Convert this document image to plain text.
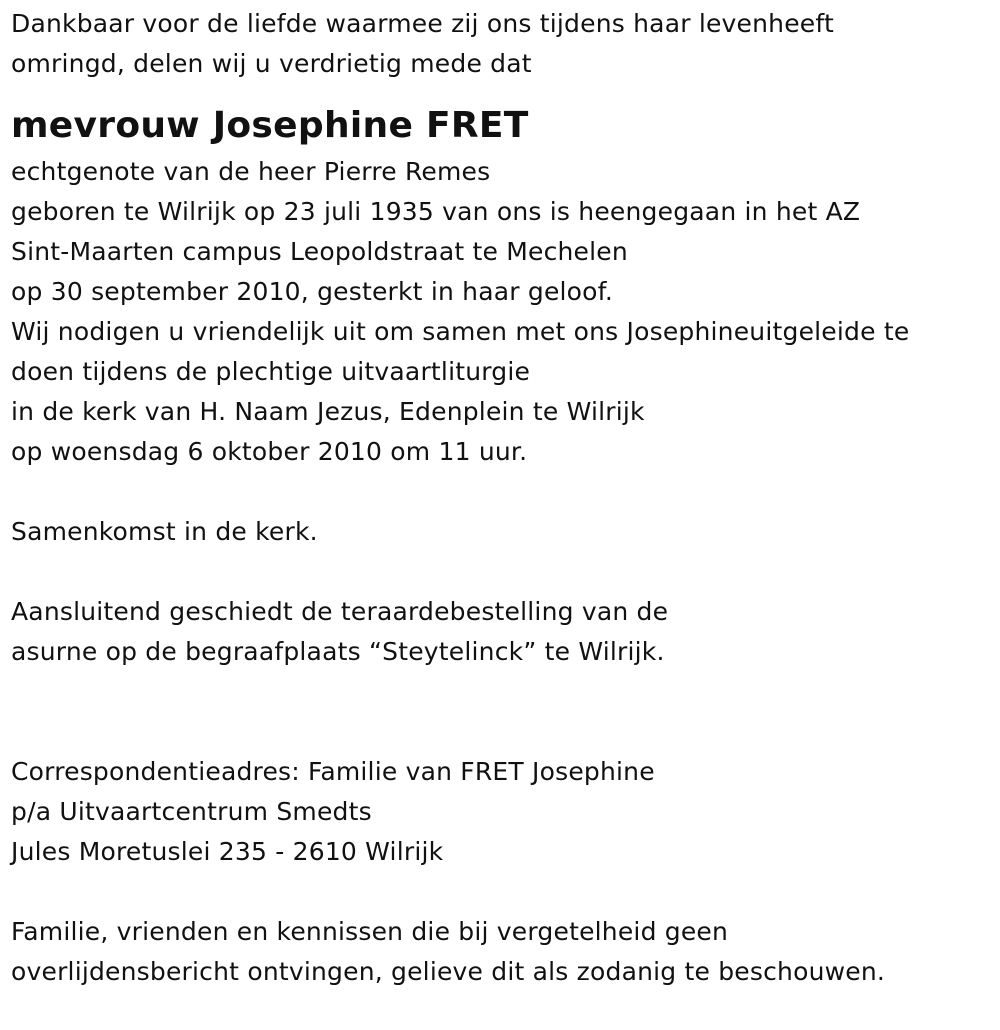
Dankbaar voor de liefde waarmee zij ons tijdens haar levenheeft
omringd, delen wij u verdrietig mede dat
mevrouw Josephine FRET
echtgenote van de heer Pierre Remes
geboren te Wilrijk op 23 juli 1935 van ons is heengegaan in het AZ
Sint-Maarten campus Leopoldstraat te Mechelen
op 30 september 2010, gesterkt in haar geloof.
Wij nodigen u vriendelijk uit om samen met ons Josephineuitgeleide te
doen tijdens de plechtige uitvaartliturgie
in de kerk van H. Naam Jezus, Edenplein te Wilrijk
op woensdag 6 oktober 2010 om 11 uur.
Samenkomst in de kerk.
Aansluitend geschiedt de teraardebestelling van de
asurne op de begraafplaats “Steytelinck” te Wilrijk.
Correspondentieadres: Familie van FRET Josephine
p/a Uitvaartcentrum Smedts
Jules Moretuslei 235 - 2610 Wilrijk
Familie, vrienden en kennissen die bij vergetelheid geen
overlijdensbericht ontvingen, gelieve dit als zodanig te beschouwen.
